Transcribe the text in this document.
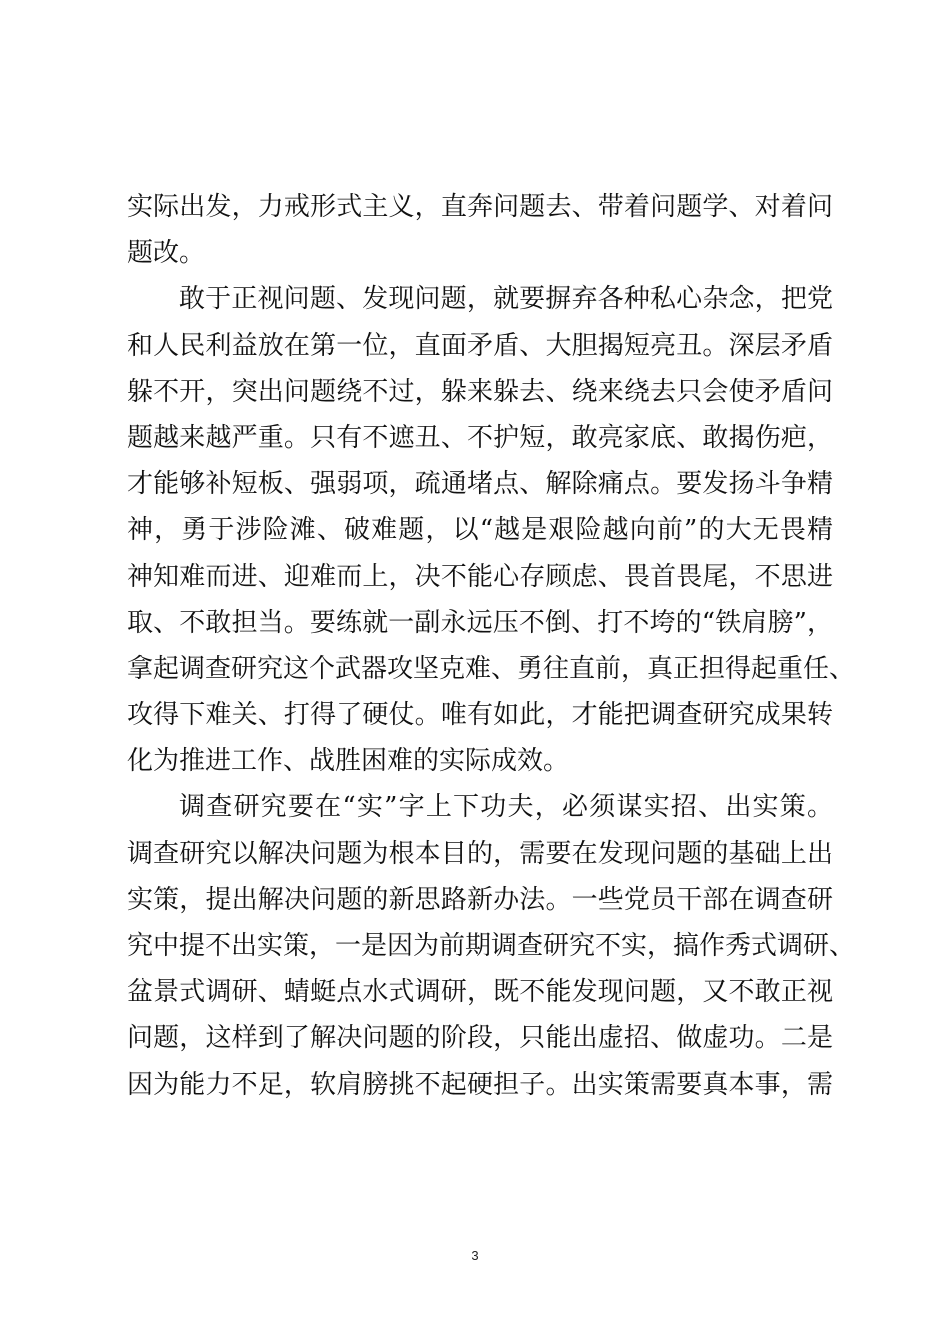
实际出发，力戒形式主义，直奔问题去、带着问题学、对着问
题改。
敢于正视问题、发现问题，就要摒弃各种私心杂念，把党
和人民利益放在第一位，直面矛盾、大胆揭短亮丑。深层矛盾
躲不开，突出问题绕不过，躲来躲去、绕来绕去只会使矛盾问
题越来越严重。只有不遮丑、不护短，敢亮家底、敢揭伤疤，
才能够补短板、强弱项，疏通堵点、解除痛点。要发扬斗争精
神，勇于涉险滩、破难题，以“越是艰险越向前”的大无畏精
神知难而进、迎难而上，决不能心存顾虑、畏首畏尾，不思进
取、不敢担当。要练就一副永远压不倒、打不垮的“铁肩膀”，
拿起调查研究这个武器攻坚克难、勇往直前，真正担得起重任、
攻得下难关、打得了硬仗。唯有如此，才能把调查研究成果转
化为推进工作、战胜困难的实际成效。
调查研究要在“实”字上下功夫，必须谋实招、出实策。
调查研究以解决问题为根本目的，需要在发现问题的基础上出
实策，提出解决问题的新思路新办法。一些党员干部在调查研
究中提不出实策，一是因为前期调查研究不实，搞作秀式调研、
盆景式调研、蜻蜓点水式调研，既不能发现问题，又不敢正视
问题，这样到了解决问题的阶段，只能出虚招、做虚功。二是
因为能力不足，软肩膀挑不起硬担子。出实策需要真本事，需
3
